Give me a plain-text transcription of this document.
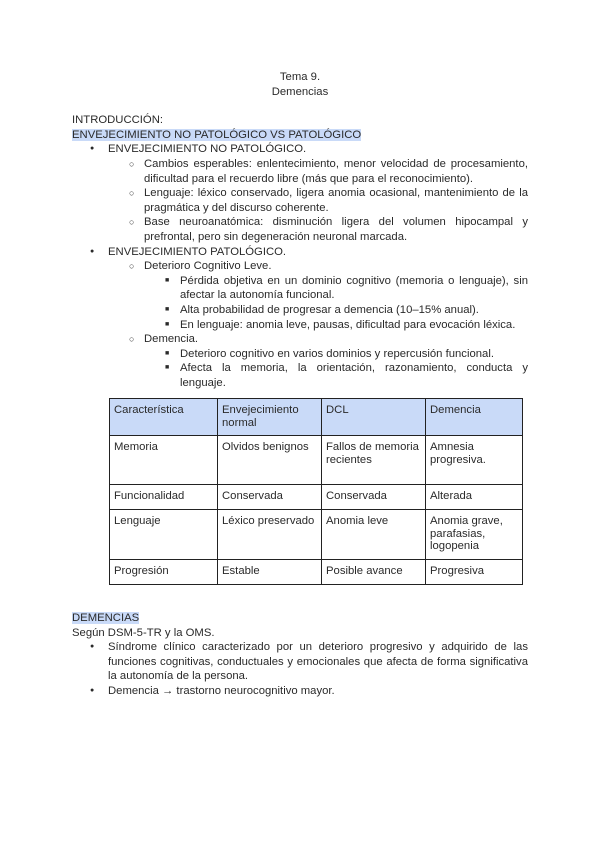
Tema 9.
Demencias
INTRODUCCIÓN:
ENVEJECIMIENTO NO PATOLÓGICO VS PATOLÓGICO
● ENVEJECIMIENTO NO PATOLÓGICO.
○ Cambios esperables: enlentecimiento, menor velocidad de procesamiento, dificultad para el recuerdo libre (más que para el reconocimiento).
○ Lenguaje: léxico conservado, ligera anomia ocasional, mantenimiento de la pragmática y del discurso coherente.
○ Base neuroanatómica: disminución ligera del volumen hipocampal y prefrontal, pero sin degeneración neuronal marcada.
● ENVEJECIMIENTO PATOLÓGICO.
○ Deterioro Cognitivo Leve.
■ Pérdida objetiva en un dominio cognitivo (memoria o lenguaje), sin afectar la autonomía funcional.
■ Alta probabilidad de progresar a demencia (10–15% anual).
■ En lenguaje: anomia leve, pausas, dificultad para evocación léxica.
○ Demencia.
■ Deterioro cognitivo en varios dominios y repercusión funcional.
■ Afecta la memoria, la orientación, razonamiento, conducta y lenguaje.
Característica	Envejecimiento normal	DCL	Demencia
Memoria	Olvidos benignos	Fallos de memoria recientes	Amnesia progresiva.
Funcionalidad	Conservada	Conservada	Alterada
Lenguaje	Léxico preservado	Anomia leve	Anomia grave, parafasias, logopenia
Progresión	Estable	Posible avance	Progresiva
DEMENCIAS
Según DSM-5-TR y la OMS.
● Síndrome clínico caracterizado por un deterioro progresivo y adquirido de las funciones cognitivas, conductuales y emocionales que afecta de forma significativa la autonomía de la persona.
● Demencia → trastorno neurocognitivo mayor.
